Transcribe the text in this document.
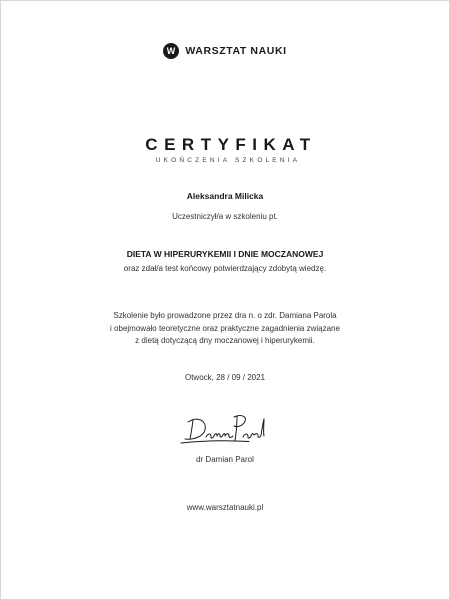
W WARSZTAT NAUKI
CERTYFIKAT
UKOŃCZENIA SZKOLENIA
Aleksandra Milicka
Uczestniczył/a w szkoleniu pt.
DIETA W HIPERURYKEMII I DNIE MOCZANOWEJ
oraz zdał/a test końcowy potwierdzający zdobytą wiedzę.
Szkolenie było prowadzone przez dra n. o zdr. Damiana Parola
i obejmowało teoretyczne oraz praktyczne zagadnienia związane
z dietą dotyczącą dny moczanowej i hiperurykemii.
Otwock, 28 / 09 / 2021
dr Damian Parol
www.warsztatnauki.pl
